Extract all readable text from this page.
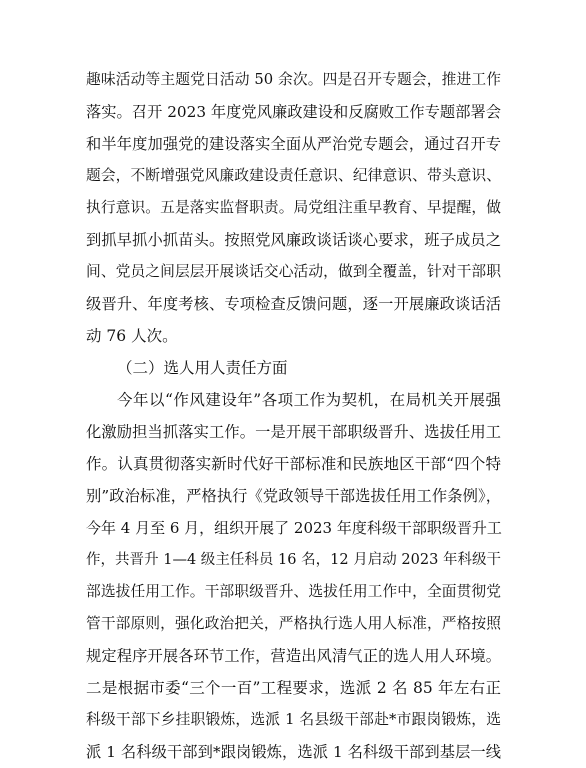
趣味活动等主题党日活动 50 余次。四是召开专题会，推进工作
落实。召开 2023 年度党风廉政建设和反腐败工作专题部署会
和半年度加强党的建设落实全面从严治党专题会，通过召开专
题会，不断增强党风廉政建设责任意识、纪律意识、带头意识、
执行意识。五是落实监督职责。局党组注重早教育、早提醒，做
到抓早抓小抓苗头。按照党风廉政谈话谈心要求，班子成员之
间、党员之间层层开展谈话交心活动，做到全覆盖，针对干部职
级晋升、年度考核、专项检查反馈问题，逐一开展廉政谈话活
动 76 人次。
（二）选人用人责任方面
今年以“作风建设年”各项工作为契机，在局机关开展强
化激励担当抓落实工作。一是开展干部职级晋升、选拔任用工
作。认真贯彻落实新时代好干部标准和民族地区干部“四个特
别”政治标准，严格执行《党政领导干部选拔任用工作条例》，
今年 4 月至 6 月，组织开展了 2023 年度科级干部职级晋升工
作，共晋升 1—4 级主任科员 16 名，12 月启动 2023 年科级干
部选拔任用工作。干部职级晋升、选拔任用工作中，全面贯彻党
管干部原则，强化政治把关，严格执行选人用人标准，严格按照
规定程序开展各环节工作，营造出风清气正的选人用人环境。
二是根据市委“三个一百”工程要求，选派 2 名 85 年左右正
科级干部下乡挂职锻炼，选派 1 名县级干部赴*市跟岗锻炼，选
派 1 名科级干部到*跟岗锻炼，选派 1 名科级干部到基层一线
